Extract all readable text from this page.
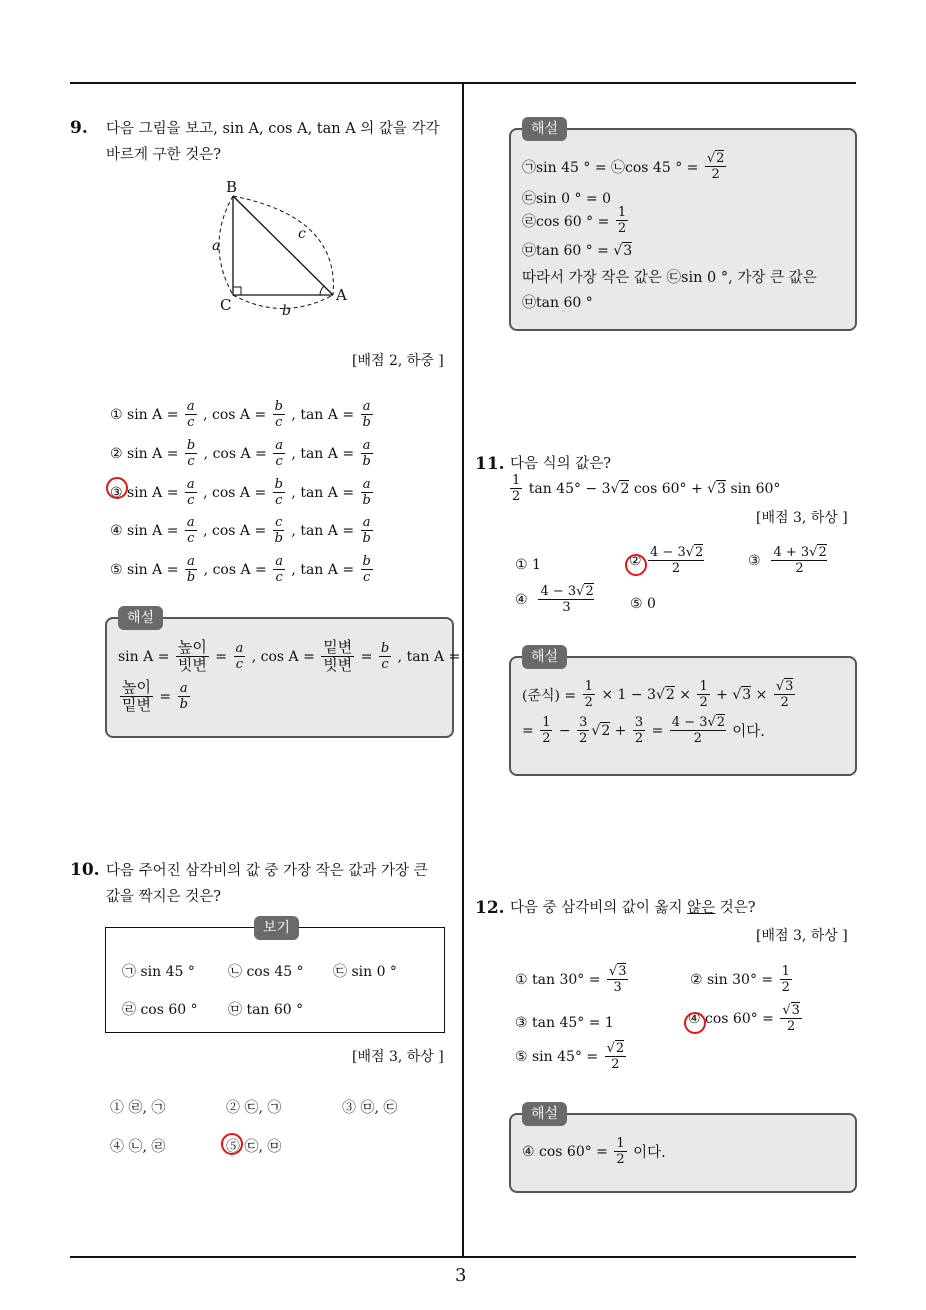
3
9. 다음 그림을 보고, sin A, cos A, tan A 의 값을 각각
바르게 구한 것은?
B
C
A
a
c
b
[배점 2, 하중 ]
① $\sin A = \frac{a}{c}$ , $\cos A = \frac{b}{c}$ , $\tan A = \frac{a}{b}$
② $\sin A = \frac{b}{c}$ , $\cos A = \frac{a}{c}$ , $\tan A = \frac{a}{b}$
③ $\sin A = \frac{a}{c}$ , $\cos A = \frac{b}{c}$ , $\tan A = \frac{a}{b}$
④ $\sin A = \frac{a}{c}$ , $\cos A = \frac{c}{b}$ , $\tan A = \frac{a}{b}$
⑤ $\sin A = \frac{a}{b}$ , $\cos A = \frac{a}{c}$ , $\tan A = \frac{b}{c}$
해설
$\sin A = \frac{\text{높이}}{\text{빗변}} = \frac{a}{c}$ , $\cos A = \frac{\text{밑변}}{\text{빗변}} = \frac{b}{c}$ , tan A =
$\frac{\text{높이}}{\text{밑변}} = \frac{a}{b}$
10. 다음 주어진 삼각비의 값 중 가장 작은 값과 가장 큰
값을 짝지은 것은?
보기
㉠ sin 45 ° ㉡ cos 45 ° ㉢ sin 0 °
㉣ cos 60 ° ㉤ tan 60 °
[배점 3, 하상 ]
① ㉣, ㉠	② ㉢, ㉠	③ ㉤, ㉢
④ ㉡, ㉣	⑤ ㉢, ㉤
해설
㉠sin 45 ° = ㉡cos 45 ° =
$\frac{√2}{2}$
㉢sin 0 ° = 0
㉣cos 60 ° =
$\frac{1}{2}$
㉤tan 60 ° = √3
따라서 가장 작은 값은 ㉢sin 0 °, 가장 큰 값은
㉤tan 60 °
11. 다음 식의 값은?
$\frac{1}{2}$ tan 45° − 3√ 2 cos 60° + √ 3 sin 60°
[배점 3, 하상 ]
① 1	②
$\frac{4 - 3√2}{2}$	③
$\frac{4 + 3√2}{2}$
④
$\frac{4 - 3√2}{3}$	⑤ 0
해설
(준식) =
$\frac{1}{2} \times 1 - 3√$ $2 \times \frac{1}{2}$ + √ $3 \times \frac{√3}{2}$
= $\frac{1}{2} - \frac{3}{2}$ √ $2 + \frac{3}{2} = \frac{4 - 3√2}{2}$
이다.
12. 다음 중 삼각비의 값이 옳지 않은 것은?
[배점 3, 하상 ]
① tan 30° =
$\frac{√3}{3}$	② sin 30° =
$\frac{1}{2}$
③ tan 45° = 1	④
cos 60° =
$\frac{√3}{2}$
⑤ sin 45° =
$\frac{√2}{2}$
해설
④ cos 60° =
$\frac{1}{2}$
이다.
